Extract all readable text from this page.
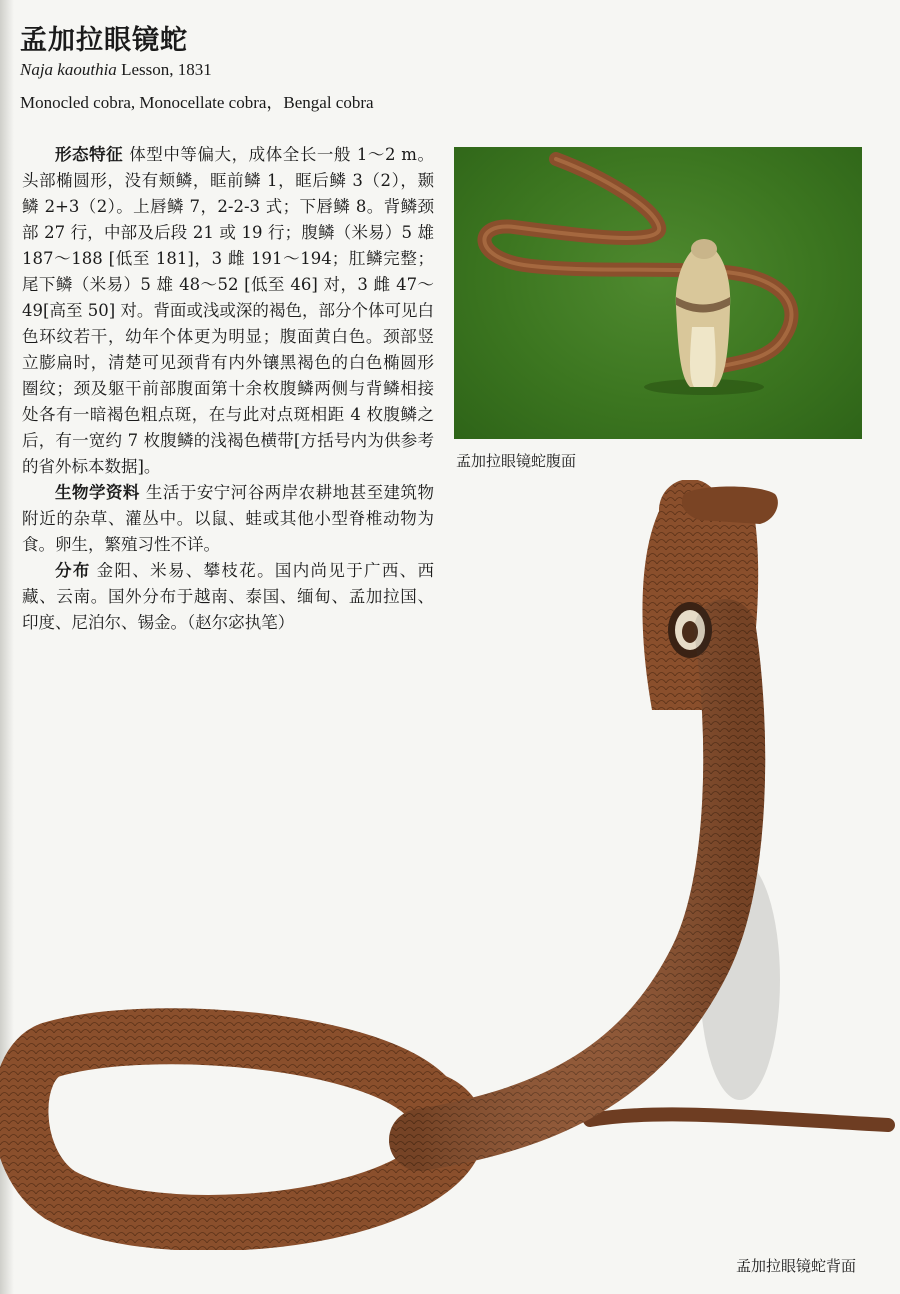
孟加拉眼镜蛇

Naja kaouthia Lesson, 1831

Monocled cobra, Monocellate cobra，Bengal cobra

形态特征 体型中等偏大，成体全长一般 1～2 m。头部椭圆形，没有颊鳞，眶前鳞 1，眶后鳞 3（2），颞鳞 2+3（2）。上唇鳞 7，2-2-3 式；下唇鳞 8。背鳞颈部 27 行，中部及后段 21 或 19 行；腹鳞（米易）5 雄 187～188 [低至 181]，3 雌 191～194；肛鳞完整；尾下鳞（米易）5 雄 48～52 [低至 46] 对，3 雌 47～49[高至 50] 对。背面或浅或深的褐色，部分个体可见白色环纹若干，幼年个体更为明显；腹面黄白色。颈部竖立膨扁时，清楚可见颈背有内外镶黑褐色的白色椭圆形圈纹；颈及躯干前部腹面第十余枚腹鳞两侧与背鳞相接处各有一暗褐色粗点斑，在与此对点斑相距 4 枚腹鳞之后，有一宽约 7 枚腹鳞的浅褐色横带[方括号内为供参考的省外标本数据]。

生物学资料 生活于安宁河谷两岸农耕地甚至建筑物附近的杂草、灌丛中。以鼠、蛙或其他小型脊椎动物为食。卵生，繁殖习性不详。

分布 金阳、米易、攀枝花。国内尚见于广西、西藏、云南。国外分布于越南、泰国、缅甸、孟加拉国、印度、尼泊尔、锡金。（赵尔宓执笔）

孟加拉眼镜蛇腹面

孟加拉眼镜蛇背面
